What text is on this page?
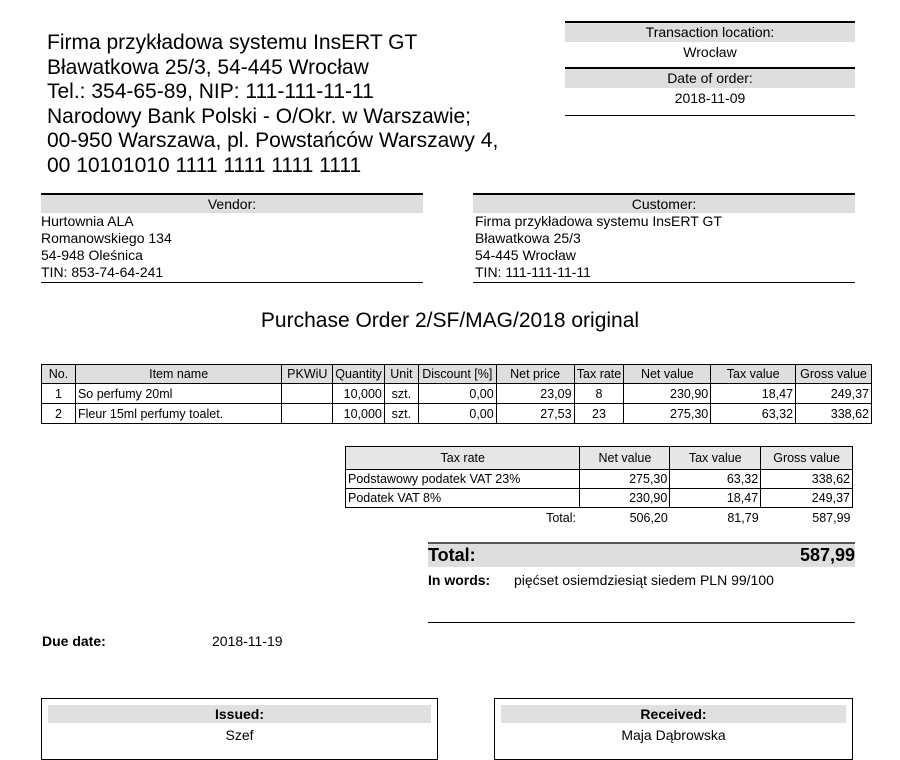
Firma przykładowa systemu InsERT GT
Bławatkowa 25/3, 54-445 Wrocław
Tel.: 354-65-89, NIP: 111-111-11-11
Narodowy Bank Polski - O/Okr. w Warszawie;
00-950 Warszawa, pl. Powstańców Warszawy 4,
00 10101010 1111 1111 1111 1111
Transaction location:
Wrocław
Date of order:
2018-11-09
Vendor:
Hurtownia ALA
Romanowskiego 134
54-948 Oleśnica
TIN: 853-74-64-241
Customer:
Firma przykładowa systemu InsERT GT
Bławatkowa 25/3
54-445 Wrocław
TIN: 111-111-11-11
Purchase Order 2/SF/MAG/2018 original
No.	Item name	PKWiU	Quantity	Unit	Discount [%]	Net price	Tax rate	Net value	Tax value	Gross value
1	So perfumy 20ml		10,000	szt.	0,00	23,09	8	230,90	18,47	249,37
2	Fleur 15ml perfumy toalet.		10,000	szt.	0,00	27,53	23	275,30	63,32	338,62
Tax rate	Net value	Tax value	Gross value
Podstawowy podatek VAT 23%	275,30	63,32	338,62
Podatek VAT 8%	230,90	18,47	249,37
Total:	506,20	81,79	587,99
Total:	587,99
In words: pięćset osiemdziesiąt siedem PLN 99/100
Due date:	2018-11-19
Issued:
Szef
Received:
Maja Dąbrowska
